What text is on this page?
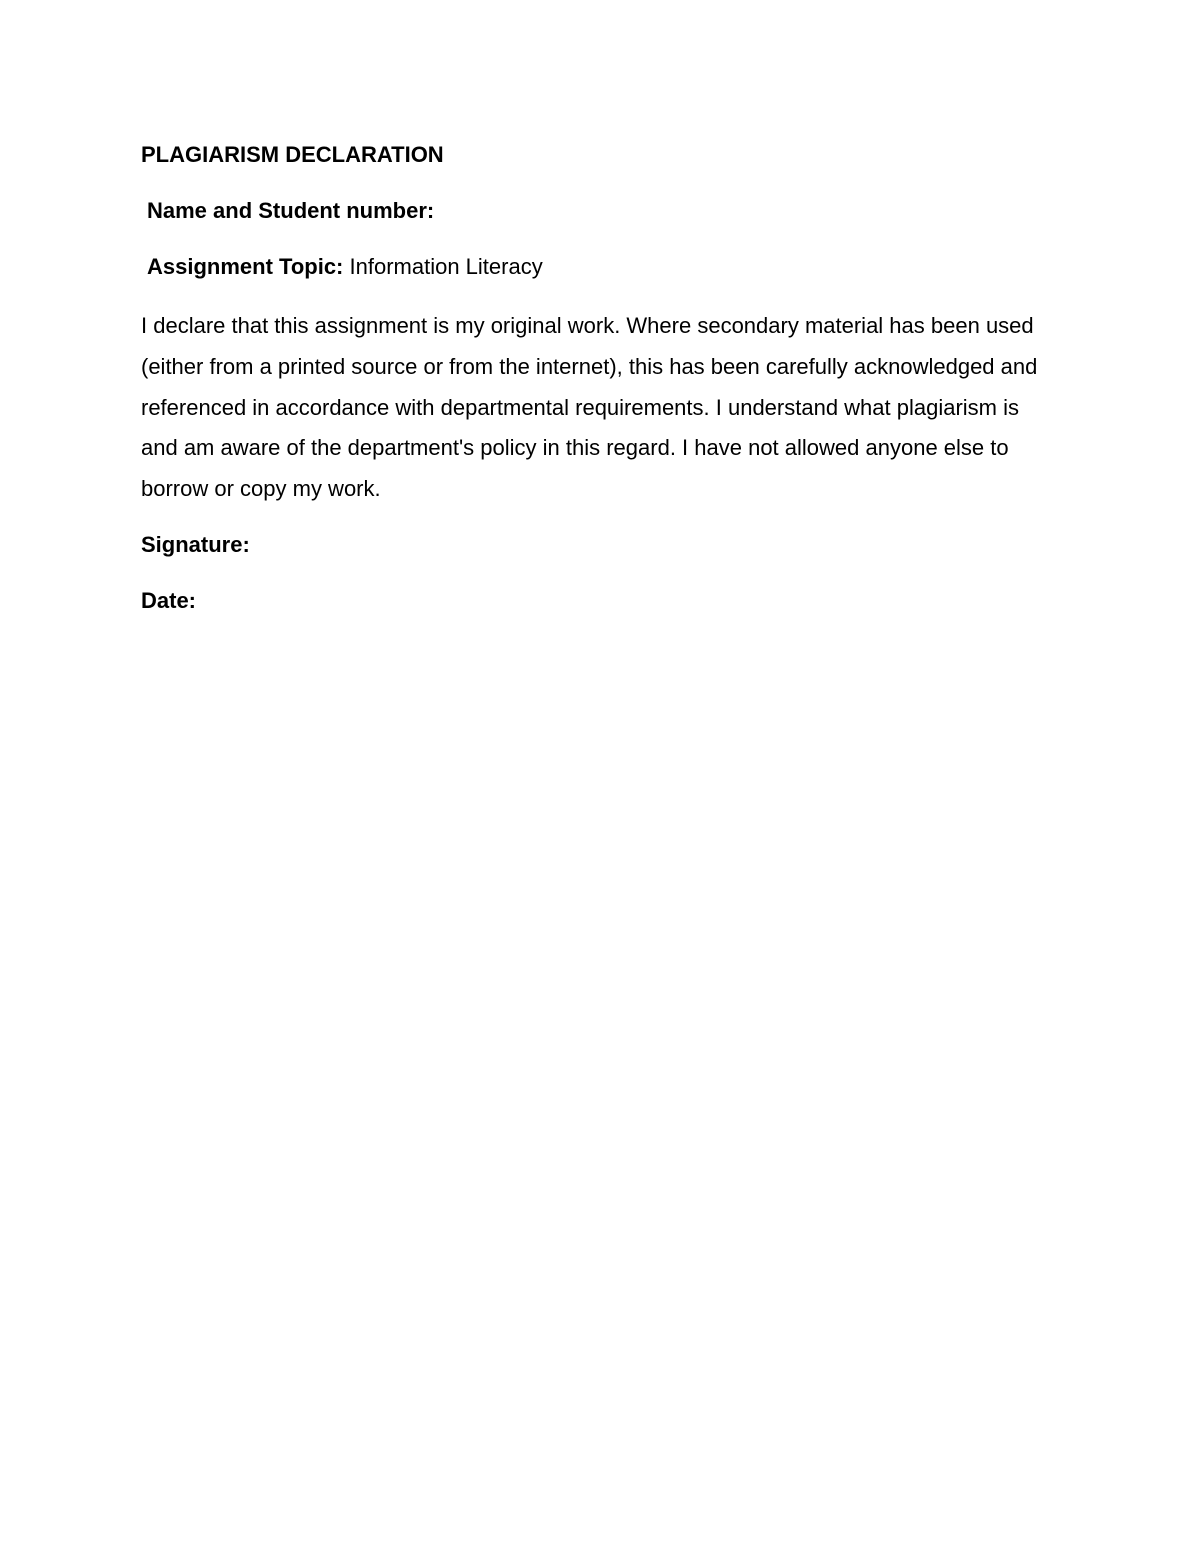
PLAGIARISM DECLARATION
Name and Student number:
Assignment Topic: Information Literacy

I declare that this assignment is my original work. Where secondary material has been used (either from a printed source or from the internet), this has been carefully acknowledged and referenced in accordance with departmental requirements. I understand what plagiarism is and am aware of the department's policy in this regard. I have not allowed anyone else to borrow or copy my work.

Signature:
Date:
